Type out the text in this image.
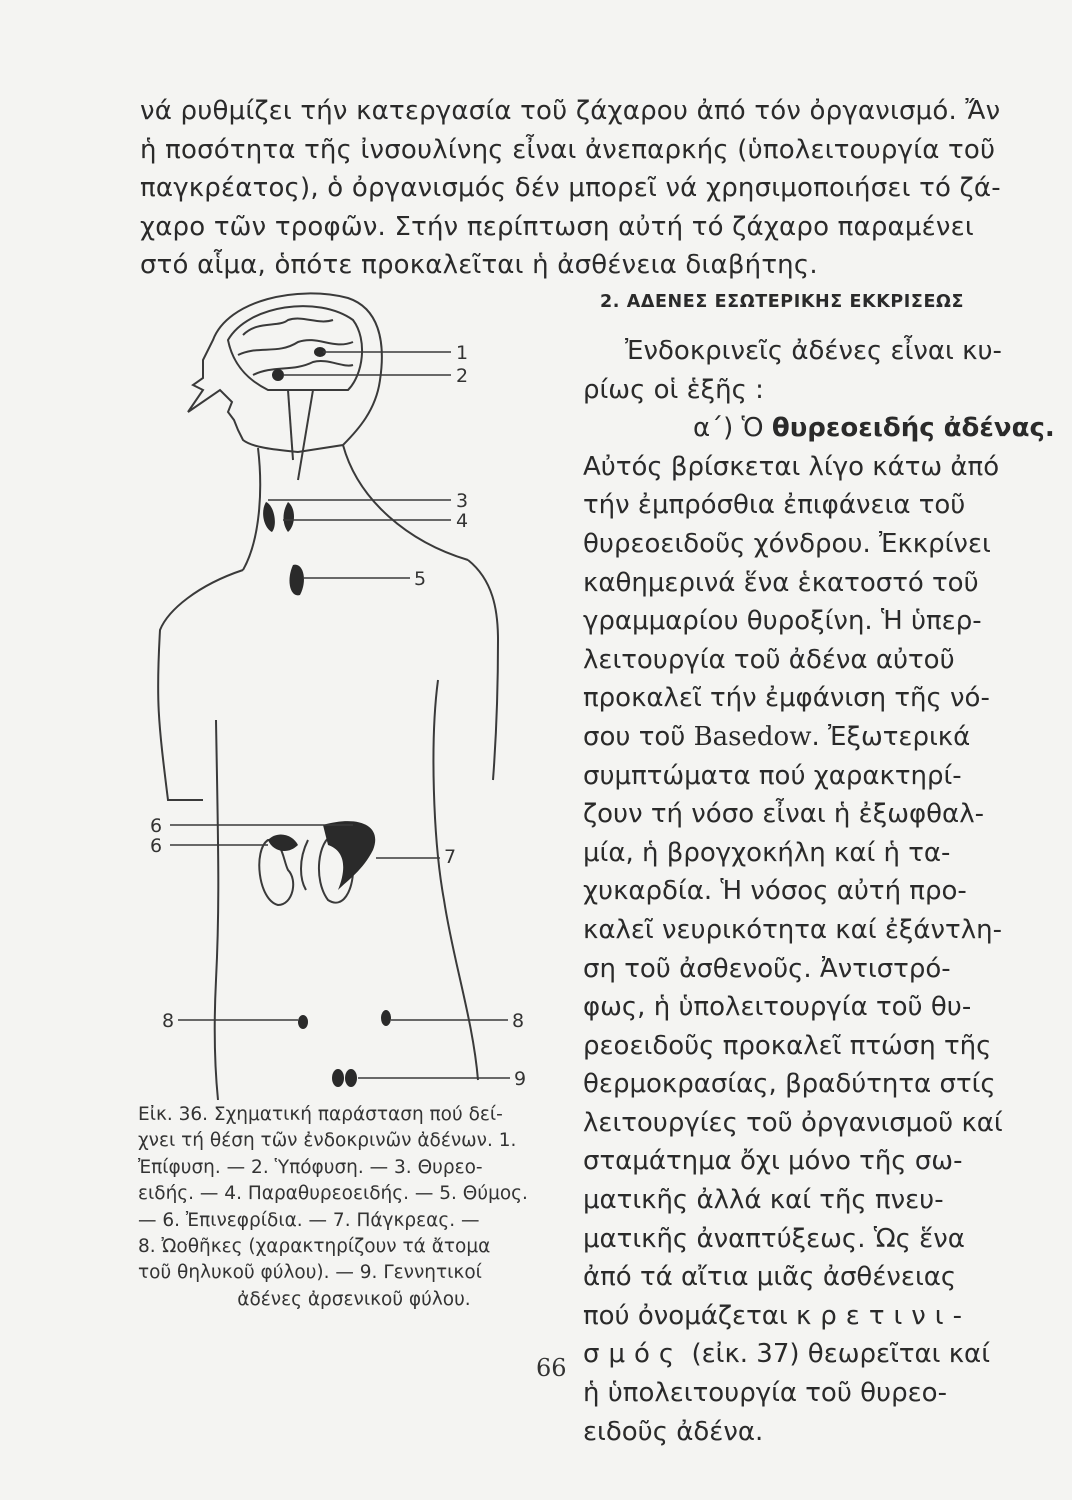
νά ρυθμίζει τήν κατεργασία τοῦ ζάχαρου ἀπό τόν ὀργανισμό. Ἄν

ἡ ποσότητα τῆς ἰνσουλίνης εἶναι ἀνεπαρκής (ὑπολειτουργία τοῦ

παγκρέατος), ὁ ὀργανισμός δέν μπορεῖ νά χρησιμοποιήσει τό ζά-

χαρο τῶν τροφῶν. Στήν περίπτωση αὐτή τό ζάχαρο παραμένει

στό αἷμα, ὁπότε προκαλεῖται ἡ ἀσθένεια διαβήτης.

1
2
3
4
5
6
6	7
8	8
9

Εἰκ. 36. Σχηματική παράσταση πού δεί-

χνει τή θέση τῶν ἐνδοκρινῶν ἀδένων. 1.

Ἐπίφυση. — 2. Ὑπόφυση. — 3. Θυρεο-

ειδής. — 4. Παραθυρεοειδής. — 5. Θύμος.

— 6. Ἐπινεφρίδια. — 7. Πάγκρεας. —

8. Ὠοθῆκες (χαρακτηρίζουν τά ἄτομα

τοῦ θηλυκοῦ φύλου). — 9. Γεννητικοί

ἀδένες ἀρσενικοῦ φύλου.

2. ΑΔΕΝΕΣ ΕΣΩΤΕΡΙΚΗΣ ΕΚΚΡΙΣΕΩΣ

Ἐνδοκρινεῖς ἀδένες εἶναι κυ-

ρίως οἱ ἑξῆς :

α΄) Ὁ θυρεοειδής ἀδένας.

Αὐτός βρίσκεται λίγο κάτω ἀπό

τήν ἐμπρόσθια ἐπιφάνεια τοῦ

θυρεοειδοῦς χόνδρου. Ἐκκρίνει

καθημερινά ἕνα ἑκατοστό τοῦ

γραμμαρίου θυροξίνη. Ἡ ὑπερ-

λειτουργία τοῦ ἀδένα αὐτοῦ

προκαλεῖ τήν ἐμφάνιση τῆς νό-

σου τοῦ Basedow. Ἐξωτερικά

συμπτώματα πού χαρακτηρί-

ζουν τή νόσο εἶναι ἡ ἐξωφθαλ-

μία, ἡ βρογχοκήλη καί ἡ τα-

χυκαρδία. Ἡ νόσος αὐτή προ-

καλεῖ νευρικότητα καί ἐξάντλη-

ση τοῦ ἀσθενοῦς. Ἀντιστρό-

φως, ἡ ὑπολειτουργία τοῦ θυ-

ρεοειδοῦς προκαλεῖ πτώση τῆς

θερμοκρασίας, βραδύτητα στίς

λειτουργίες τοῦ ὀργανισμοῦ καί

σταμάτημα ὄχι μόνο τῆς σω-

ματικῆς ἀλλά καί τῆς πνευ-

ματικῆς ἀναπτύξεως. Ὡς ἕνα

ἀπό τά αἴτια μιᾶς ἀσθένειας

πού ὀνομάζεται κρετινι-

σμός (εἰκ. 37) θεωρεῖται καί

ἡ ὑπολειτουργία τοῦ θυρεο-

ειδοῦς ἀδένα.

66
